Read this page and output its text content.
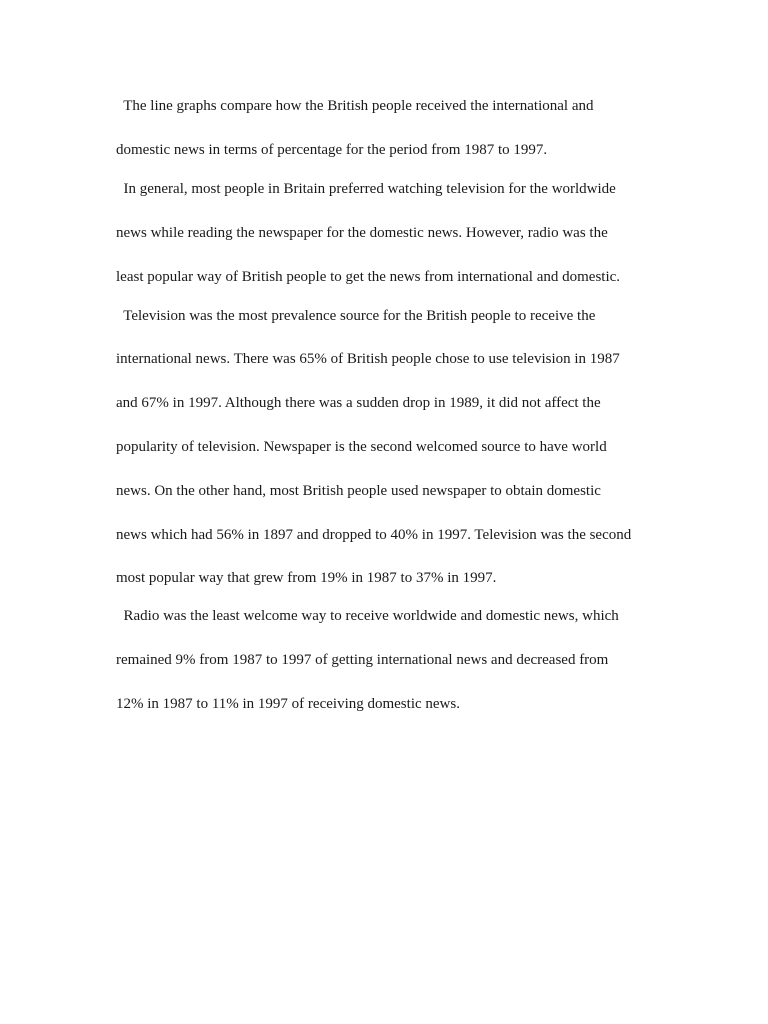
The line graphs compare how the British people received the international and
domestic news in terms of percentage for the period from 1987 to 1997.
In general, most people in Britain preferred watching television for the worldwide
news while reading the newspaper for the domestic news. However, radio was the
least popular way of British people to get the news from international and domestic.
Television was the most prevalence source for the British people to receive the
international news. There was 65% of British people chose to use television in 1987
and 67% in 1997. Although there was a sudden drop in 1989, it did not affect the
popularity of television. Newspaper is the second welcomed source to have world
news. On the other hand, most British people used newspaper to obtain domestic
news which had 56% in 1897 and dropped to 40% in 1997. Television was the second
most popular way that grew from 19% in 1987 to 37% in 1997.
Radio was the least welcome way to receive worldwide and domestic news, which
remained 9% from 1987 to 1997 of getting international news and decreased from
12% in 1987 to 11% in 1997 of receiving domestic news.
